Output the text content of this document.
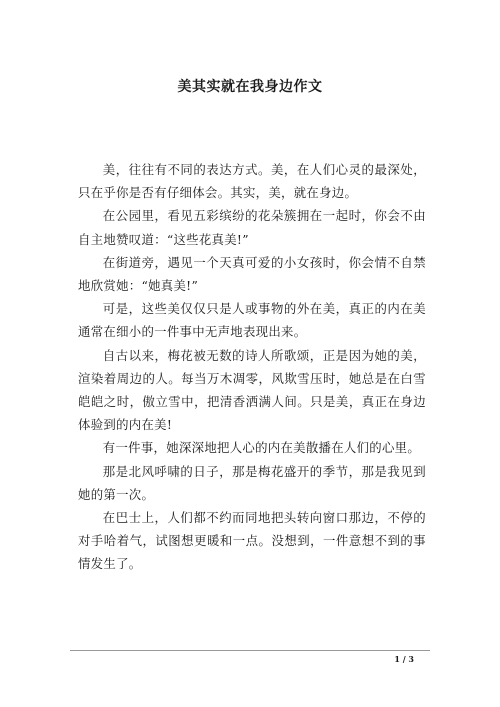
美其实就在我身边作文

美，往往有不同的表达方式。美，在人们心灵的最深处，只在乎你是否有仔细体会。其实，美，就在身边。

在公园里，看见五彩缤纷的花朵簇拥在一起时，你会不由自主地赞叹道：“这些花真美!”

在街道旁，遇见一个天真可爱的小女孩时，你会情不自禁地欣赏她：“她真美!”

可是，这些美仅仅只是人或事物的外在美，真正的内在美通常在细小的一件事中无声地表现出来。

自古以来，梅花被无数的诗人所歌颂，正是因为她的美，渲染着周边的人。每当万木凋零，风欺雪压时，她总是在白雪皑皑之时，傲立雪中，把清香洒满人间。只是美，真正在身边体验到的内在美!

有一件事，她深深地把人心的内在美散播在人们的心里。

那是北风呼啸的日子，那是梅花盛开的季节，那是我见到她的第一次。

在巴士上，人们都不约而同地把头转向窗口那边，不停的对手哈着气，试图想更暖和一点。没想到，一件意想不到的事情发生了。

1 / 3
